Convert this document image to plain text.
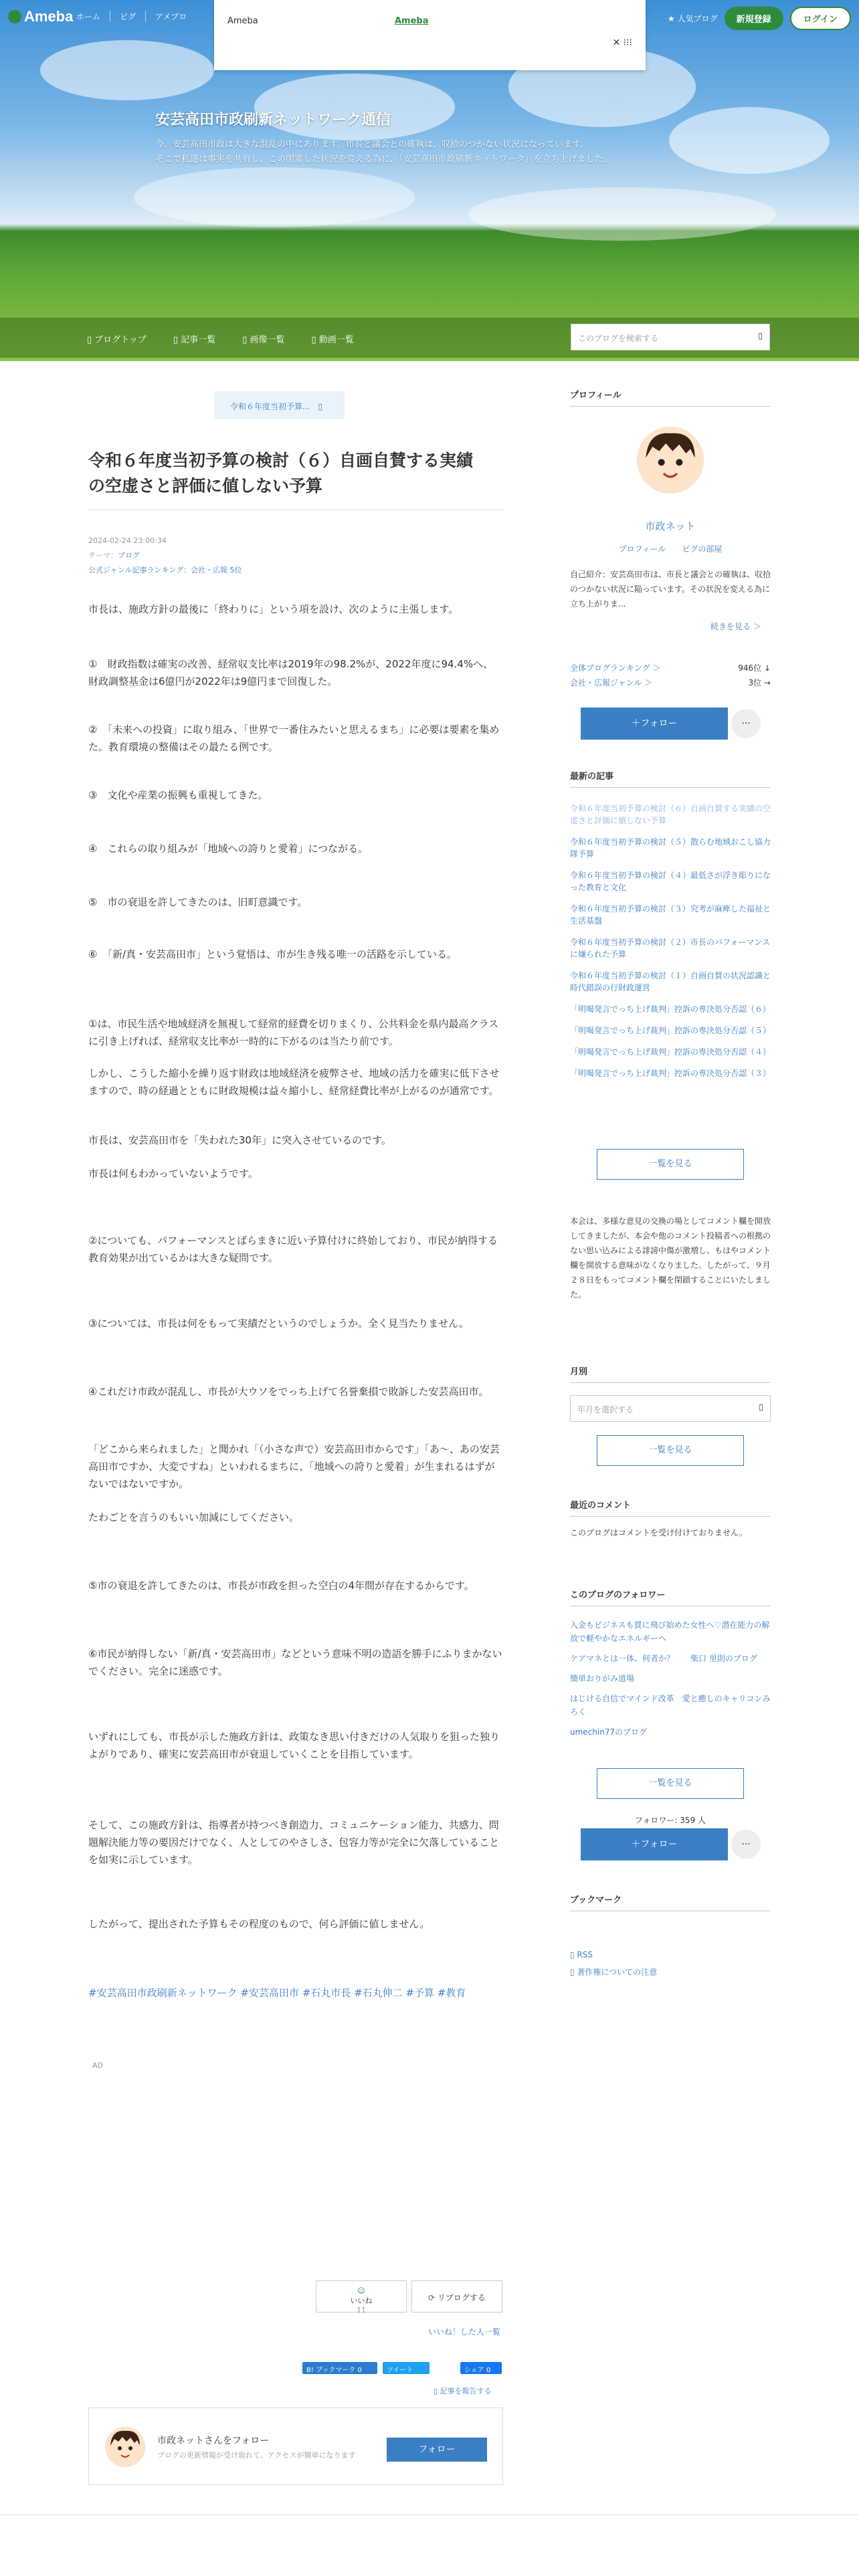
安芸高田市政刷新ネットワーク通信
今、安芸高田市政は大きな混乱の中にあります。市長と議会との確執は、収拾のつかない状況になっています。
そこで私達は事実を共有し、この閉塞した状況を変える為に、「安芸高田市政刷新ネットワーク」を立ち上げました。
Ameba ホーム	ピグ	アメブロ	★ 人気ブログ	新規登録	ログイン
Ameba	Ameba
✕ ⁝⁝⁝
▯ ブログトップ	▯ 記事一覧	▯ 画像一覧	▯ 動画一覧	このブログを検索する	▯
令和６年度当初予算...　▯
令和６年度当初予算の検討（６）自画自賛する実績
の空虚さと評価に値しない予算
2024-02-24 23:00:34
テーマ：ブログ
公式ジャンル記事ランキング：会社・広報 5位

市長は、施政方針の最後に「終わりに」という項を設け、次のように主張します。

①　財政指数は確実の改善、経常収支比率は2019年の98.2%が、2022年度に94.4%へ、財政調整基金は6億円が2022年は9億円まで回復した。

②　「未来への投資」に取り組み、「世界で一番住みたいと思えるまち」に必要は要素を集めた。教育環境の整備はその最たる例です。

③　文化や産業の振興も重視してきた。

④　これらの取り組みが「地域への誇りと愛着」につながる。

⑤　市の衰退を許してきたのは、旧町意識です。

⑥　「新/真・安芸高田市」という覚悟は、市が生き残る唯一の活路を示している。

①は、市民生活や地域経済を無視して経常的経費を切りまくり、公共料金を県内最高クラスに引き上げれば、経常収支比率が一時的に下がるのは当たり前です。

しかし、こうした縮小を繰り返す財政は地域経済を疲弊させ、地域の活力を確実に低下させますので、時の経過とともに財政規模は益々縮小し、経常経費比率が上がるのが通常です。

市長は、安芸高田市を「失われた30年」に突入させているのです。

市長は何もわかっていないようです。

②についても、パフォーマンスとばらまきに近い予算付けに終始しており、市民が納得する教育効果が出ているかは大きな疑問です。

③については、市長は何をもって実績だというのでしょうか。全く見当たりません。

④これだけ市政が混乱し、市長が大ウソをでっち上げて名誉棄損で敗訴した安芸高田市。

「どこから来られました」と聞かれ「（小さな声で）安芸高田市からです」「あ〜、あの安芸高田市ですか、大変ですね」といわれるまちに、「地域への誇りと愛着」が生まれるはずがないではないですか。

たわごとを言うのもいい加減にしてください。

⑤市の衰退を許してきたのは、市長が市政を担った空白の4年間が存在するからです。

⑥市民が納得しない「新/真・安芸高田市」などという意味不明の造語を勝手にふりまかないでください。完全に迷惑です。

いずれにしても、市長が示した施政方針は、政策なき思い付きだけの人気取りを狙った独りよがりであり、確実に安芸高田市が衰退していくことを目指しています。

そして、この施政方針は、指導者が持つべき創造力、コミュニケーション能力、共感力、問題解決能力等の要因だけでなく、人としてのやさしさ、包容力等が完全に欠落していることを如実に示しています。

したがって、提出された予算もその程度のもので、何ら評価に値しません。

#安芸高田市政刷新ネットワーク #安芸高田市 #石丸市長 #石丸伸二 #予算 #教育
AD
☺
いいね
11
⟳ リブログする
いいね！した人一覧
B! ブックマーク 0	ツイート	シェア 0
▯ 記事を報告する
市政ネットさんをフォロー
ブログの更新情報が受け取れて、アクセスが簡単になります
フォロー
プロフィール
市政ネット
プロフィール　　ピグの部屋
自己紹介：安芸高田市は、市長と議会との確執は、収拾のつかない状況に陥っています。その状況を変える為に立ち上がりま...
続きを見る ＞
全体ブログランキング ＞	946位 ↓
会社・広報ジャンル ＞	3位 →
＋フォロー	···
最新の記事
令和６年度当初予算の検討（６）自画自賛する実績の空虚さと評価に値しない予算
令和６年度当初予算の検討（５）散らむ地域おこし協力隊予算
令和６年度当初予算の検討（４）最低さが浮き彫りになった教育と文化
令和６年度当初予算の検討（３）究考が麻痺した福祉と生活基盤
令和６年度当初予算の検討（２）市長のパフォーマンスに嫌られた予算
令和６年度当初予算の検討（１）自画自賛の状況認識と時代錯誤の行財政運営
「明喝発言でっち上げ裁判」控訴の専決処分否認（６）
「明喝発言でっち上げ裁判」控訴の専決処分否認（５）
「明喝発言でっち上げ裁判」控訴の専決処分否認（４）
「明喝発言でっち上げ裁判」控訴の専決処分否認（３）
一覧を見る
本会は、多様な意見の交換の場としてコメント欄を開放してきましたが、本会や他のコメント投稿者への根拠のない思い込みによる誹謗中傷が激増し、もはやコメント欄を開放する意味がなくなりました。したがって、９月２８日をもってコメント欄を閉鎖することにいたしました。
月別
年月を選択する	▯
一覧を見る
最近のコメント
このブログはコメントを受け付けておりません。
このブログのフォロワー
入金もビジネスも買に飛び始めた女性へ♡潜在能力の解放で軽やかなエネルギーへ
ケアマネとは一体、何者か？　　柴口 里則のブログ
簡単おりがみ道場
はじける自信でマインド改革　愛と癒しのキャリコンみろく
umechin77のブログ
一覧を見る
フォロワー: 359 人
＋フォロー	···
ブックマーク
▯ RSS
▯ 著作権についての注意
